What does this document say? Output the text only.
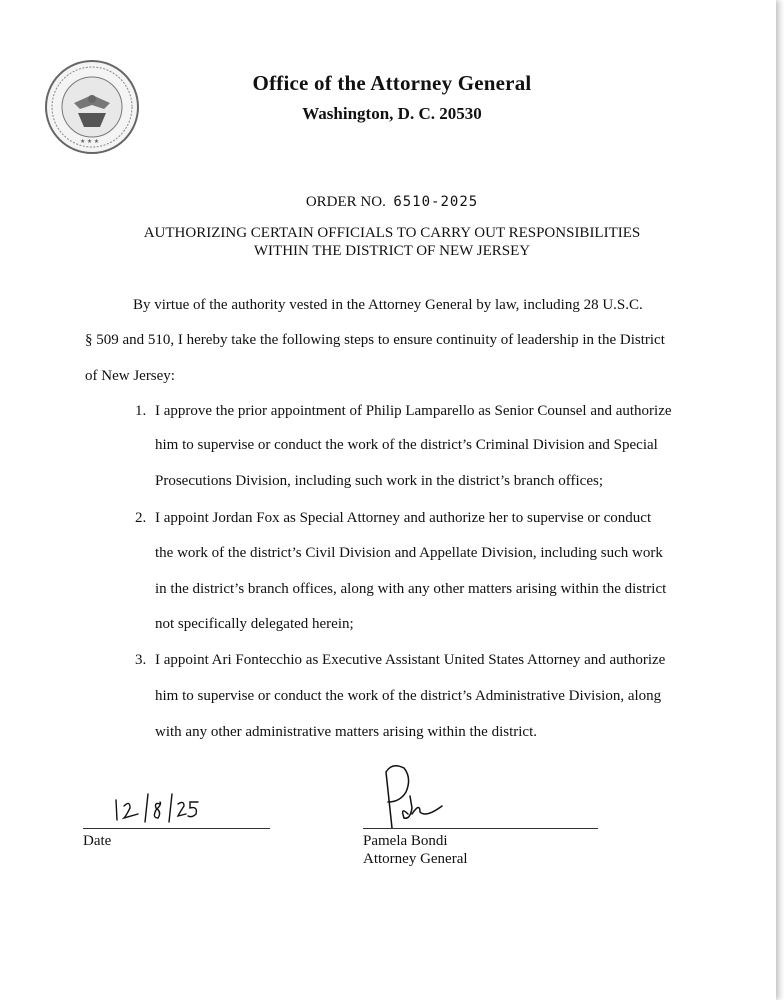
★ ★ ★
Office of the Attorney General
Washington, D. C. 20530
ORDER NO. 6510-2025
AUTHORIZING CERTAIN OFFICIALS TO CARRY OUT RESPONSIBILITIES
WITHIN THE DISTRICT OF NEW JERSEY
By virtue of the authority vested in the Attorney General by law, including 28 U.S.C.
§ 509 and 510, I hereby take the following steps to ensure continuity of leadership in the District
of New Jersey:
1. I approve the prior appointment of Philip Lamparello as Senior Counsel and authorize
him to supervise or conduct the work of the district’s Criminal Division and Special
Prosecutions Division, including such work in the district’s branch offices;
2. I appoint Jordan Fox as Special Attorney and authorize her to supervise or conduct
the work of the district’s Civil Division and Appellate Division, including such work
in the district’s branch offices, along with any other matters arising within the district
not specifically delegated herein;
3. I appoint Ari Fontecchio as Executive Assistant United States Attorney and authorize
him to supervise or conduct the work of the district’s Administrative Division, along
with any other administrative matters arising within the district.
Date	Pamela Bondi
Attorney General
